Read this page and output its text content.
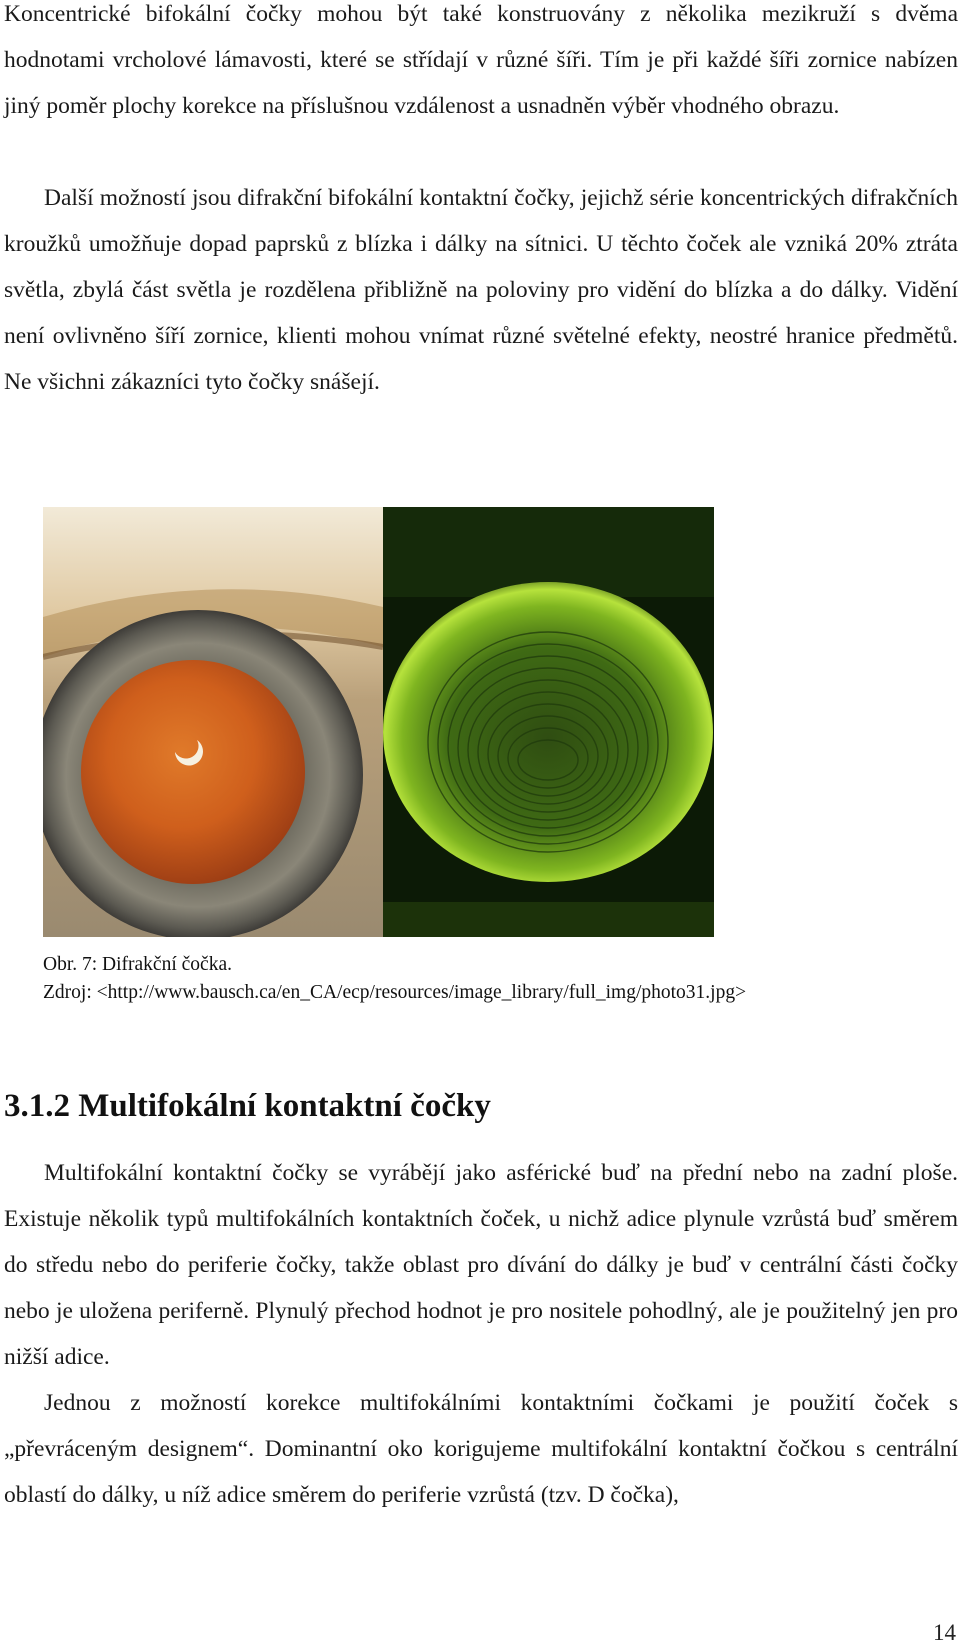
Koncentrické bifokální čočky mohou být také konstruovány z několika mezikruží s dvěma hodnotami vrcholové lámavosti, které se střídají v různé šíři. Tím je při každé šíři zornice nabízen jiný poměr plochy korekce na příslušnou vzdálenost a usnadněn výběr vhodného obrazu.

Další možností jsou difrakční bifokální kontaktní čočky, jejichž série koncentrických difrakčních kroužků umožňuje dopad paprsků z blízka i dálky na sítnici. U těchto čoček ale vzniká 20% ztráta světla, zbylá část světla je rozdělena přibližně na poloviny pro vidění do blízka a do dálky. Vidění není ovlivněno šíří zornice, klienti mohou vnímat různé světelné efekty, neostré hranice předmětů. Ne všichni zákazníci tyto čočky snášejí.

Obr. 7: Difrakční čočka.
Zdroj: <http://www.bausch.ca/en_CA/ecp/resources/image_library/full_img/photo31.jpg>
3.1.2 Multifokální kontaktní čočky

Multifokální kontaktní čočky se vyrábějí jako asférické buď na přední nebo na zadní ploše. Existuje několik typů multifokálních kontaktních čoček, u nichž adice plynule vzrůstá buď směrem do středu nebo do periferie čočky, takže oblast pro dívání do dálky je buď v centrální části čočky nebo je uložena periferně. Plynulý přechod hodnot je pro nositele pohodlný, ale je použitelný jen pro nižší adice.

Jednou z možností korekce multifokálními kontaktními čočkami je použití čoček s „převráceným designem“. Dominantní oko korigujeme multifokální kontaktní čočkou s centrální oblastí do dálky, u níž adice směrem do periferie vzrůstá (tzv. D čočka),

14
